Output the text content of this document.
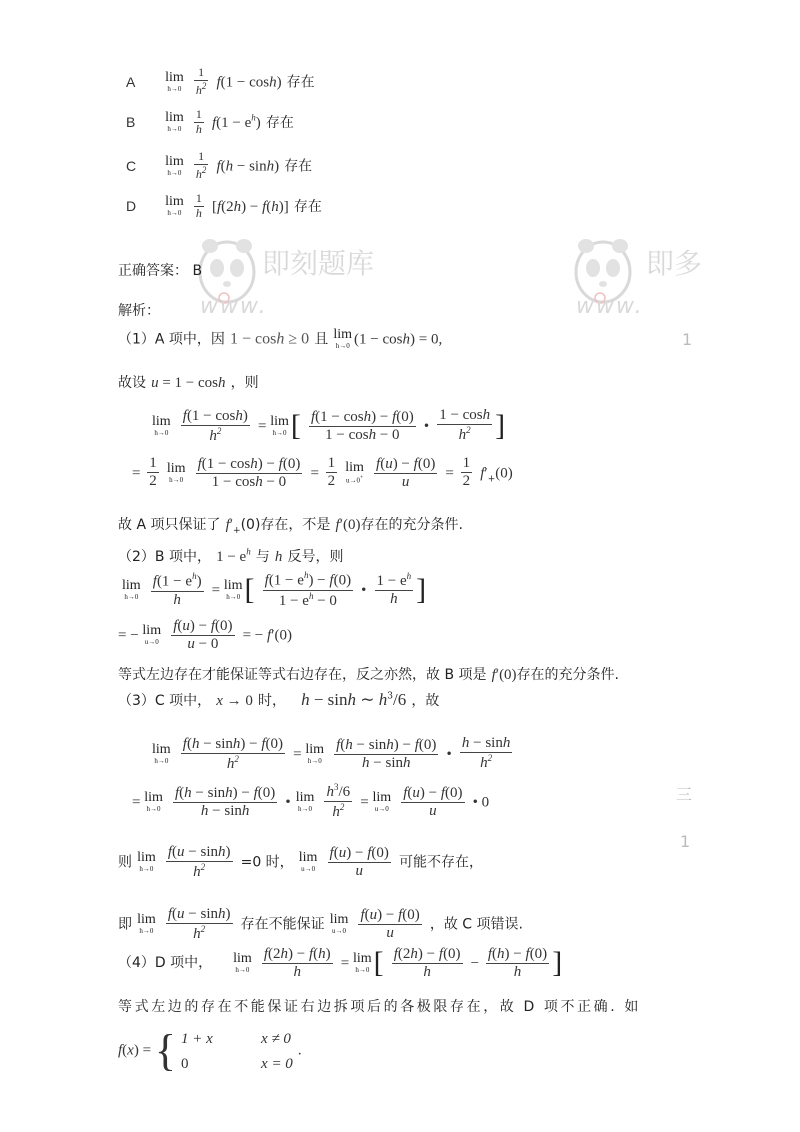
即刻题库
www.
即多
www.
A lim
h→0
$\frac{1}{h^2} f(1 - \cosh)$ 存在
B lim
h→0
$\frac{1}{h} f(1 - e^h)$ 存在
C lim
h→0
$\frac{1}{h^2} f(h - \sinh)$ 存在
D lim
h→0
$\frac{1}{h} [f(2h) - f(h)]$ 存在
正确答案： B
解析：
（1）A 项中，因 1 − cosh ≥ 0 且 lim
h→0 (1 − cosh) = 0,
故设 u = 1 − cosh ，则
lim
h→0
$\frac{f(1 - \cosh)}{h^2} = \lim$
h→0 [ $\frac{f(1 - \cosh) - f(0)}{1 - \cosh - 0}$ • $\frac{1 - \cosh}{h^2}$ ]
= $\frac{1}{2}$
lim
h→0
$\frac{f(1 - \cosh) - f(0)}{1 - \cosh - 0} = \frac{1}{2}$
lim
u→0+
$\frac{f(u) - f(0)}{u} = \frac{1}{2} f'_+(0)$
故 A 项只保证了 $f'_+(0)$存在，不是 f′(0)存在的充分条件.
（2）B 项中， $1 - e^h$ 与 h 反号，则
lim
h→0
$\frac{f(1 - e^h)}{h} = \lim$
h→0 [ $\frac{f(1 - e^h) - f(0)}{1 - e^h - 0}$ • $\frac{1 - e^h}{h}$ ]
= − lim
u→0
$\frac{f(u) - f(0)}{u - 0}$ = − f′(0)
等式左边存在才能保证等式右边存在，反之亦然，故 B 项是 f′(0)存在的充分条件.
（3）C 项中， x → 0 时， h − sinh ∼ $h^3/6$ ，故
lim
h→0
$\frac{f(h - \sinh) - f(0)}{h^2} = \lim$
h→0
$\frac{f(h - \sinh) - f(0)}{h - \sinh}$ • $\frac{h - \sinh}{h^2}$
= lim
h→0
$\frac{f(h - \sinh) - f(0)}{h - \sinh}$ • lim
h→0
$\frac{h^3/6}{h^2} = \lim$
u→0
$\frac{f(u) - f(0)}{u}$ • 0
则 lim
h→0
$\frac{f(u - \sinh)}{h^2} =0$ 时， lim
u→0
$\frac{f(u) - f(0)}{u}$ 可能不存在，
即 lim
h→0
$\frac{f(u - \sinh)}{h^2}$ 存在不能保证 lim
u→0
$\frac{f(u) - f(0)}{u}$ ，故 C 项错误.
（4）D 项中， lim
h→0
$\frac{f(2h) - f(h)}{h} = \lim$
h→0 [ $\frac{f(2h) - f(0)}{h} - \frac{f(h) - f(0)}{h}$ ]
等式左边的存在不能保证右边拆项后的各极限存在，故 D 项不正确. 如
f(x) = { 1 + x	x ≠ 0
0	x = 0
.
1
三
1
